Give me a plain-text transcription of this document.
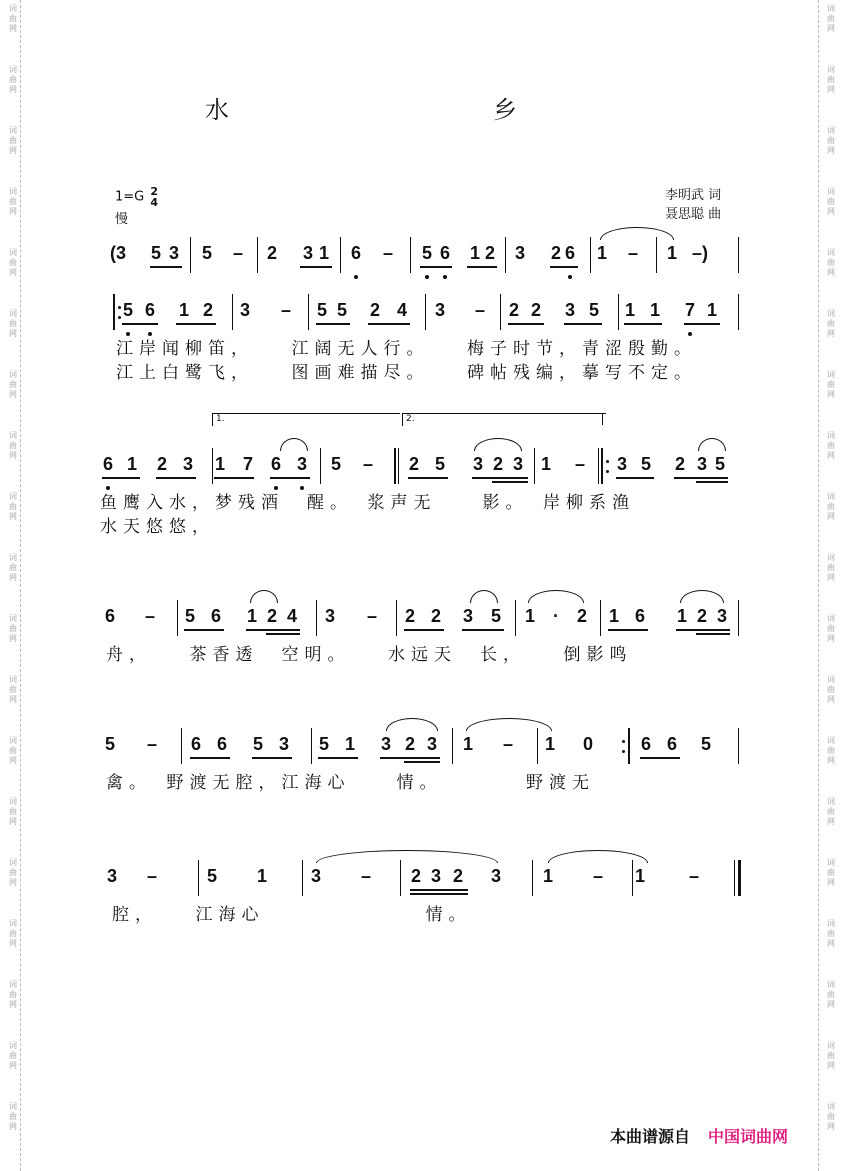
词
曲
网
词
曲
网
词
曲
网
词
曲
网
词
曲
网
词
曲
网
词
曲
网
词
曲
网
词
曲
网
词
曲
网
词
曲
网
词
曲
网
词
曲
网
词
曲
网
词
曲
网
词
曲
网
词
曲
网
词
曲
网
词
曲
网
词
曲
网
词
曲
网
词
曲
网
词
曲
网
词
曲
网
词
曲
网
词
曲
网
词
曲
网
词
曲
网
词
曲
网
词
曲
网
词
曲
网
词
曲
网
词
曲
网
词
曲
网
词
曲
网
词
曲
网
词
曲
网
词
曲
网
水　乡
1=G 2
4
慢
李明武 词
聂思聪 曲
(3	5 3 5 – 2 3 1 6 – 5 6 1 2 3 2 6 1 – 1 –)
5 6 1 2 3 – 5 5 2 4 3 – 2 2 3 5 1 1 7 1
江岸闻柳笛，　　江阔无人行。　　梅子时节，青涩殷勤。
江上白鹭飞，　　图画难描尽。　　碑帖残编，摹写不定。
6 1 2 3 1 7 6 3 5 – 2 5 3 2 3 1 – 3 5 2 3 5
鱼鹰入水，梦残酒　醒。　浆声无　　影。　岸柳系渔
水天悠悠，
6 – 5 6 1 2 4 3 – 2 2 3 5 1	· 2 1 6 1 2 3
舟，　　茶香透　空明。　　水远天　长，　　倒影鸣
5 – 6 6 5 3 5 1 3 2 3 1 – 1 0	6 6 5
禽。　野渡无腔，江海心　　情。　　　　野渡无
3 –	5 1 3 – 2 3 2 3 1 – 1 –
腔，　　江海心　　　　　　　情。
1.	2.
本曲谱源自 中国词曲网
